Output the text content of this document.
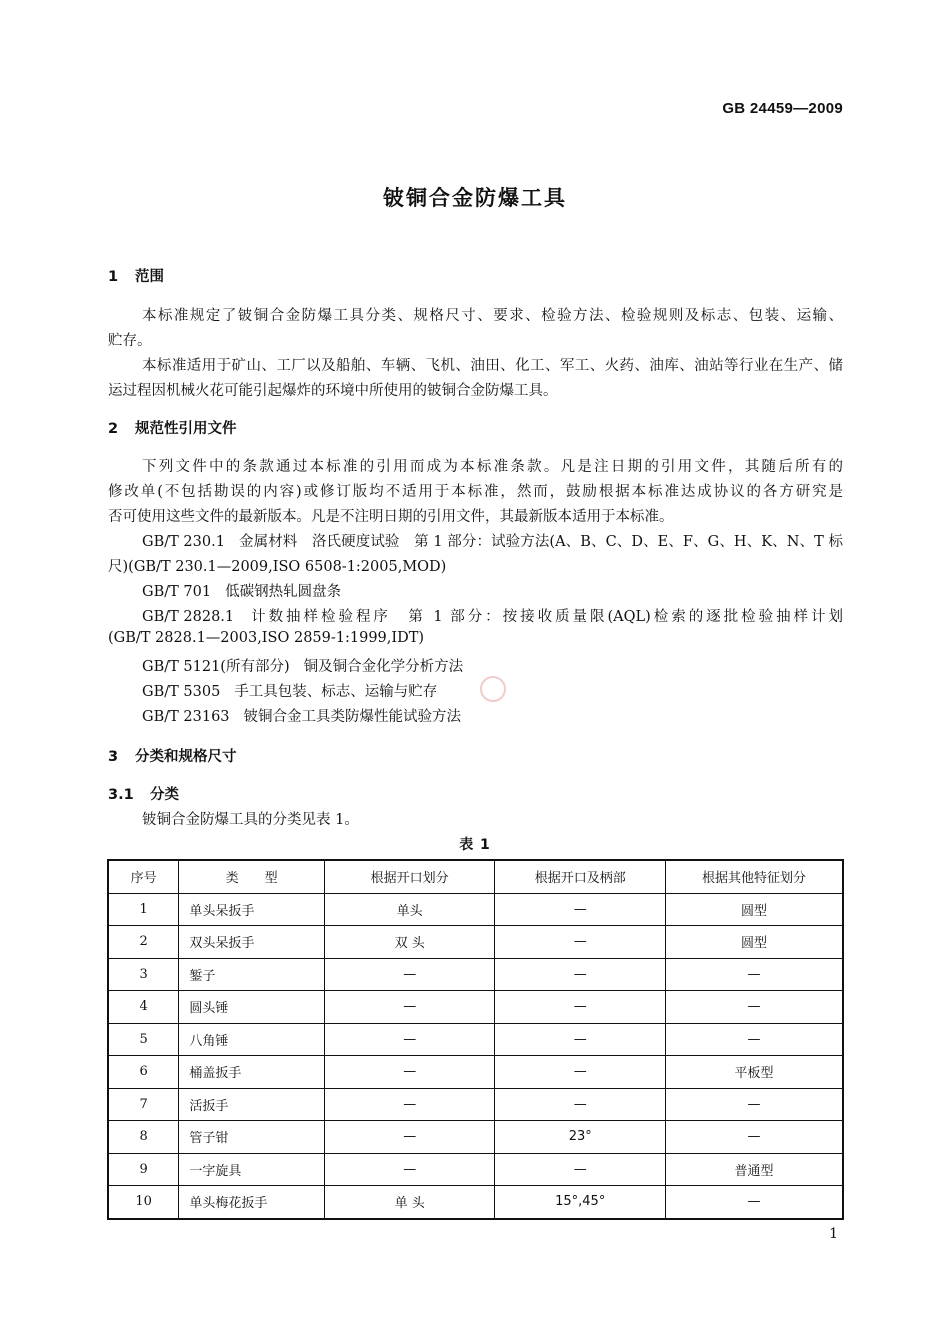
GB 24459—2009
铍铜合金防爆工具
1 范围
本标准规定了铍铜合金防爆工具分类、规格尺寸、要求、检验方法、检验规则及标志、包装、运输、
贮存。
本标准适用于矿山、工厂以及船舶、车辆、飞机、油田、化工、军工、火药、油库、油站等行业在生产、储
运过程因机械火花可能引起爆炸的环境中所使用的铍铜合金防爆工具。
2 规范性引用文件
下列文件中的条款通过本标准的引用而成为本标准条款。凡是注日期的引用文件，其随后所有的
修改单(不包括勘误的内容)或修订版均不适用于本标准，然而，鼓励根据本标准达成协议的各方研究是
否可使用这些文件的最新版本。凡是不注明日期的引用文件，其最新版本适用于本标准。
GB/T 230.1 金属材料　洛氏硬度试验　第 1 部分：试验方法(A、B、C、D、E、F、G、H、K、N、T 标
尺)(GB/T 230.1—2009,ISO 6508-1:2005,MOD)
GB/T 701 低碳钢热轧圆盘条
GB/T 2828.1 计数抽样检验程序　第 1 部分：按接收质量限(AQL)检索的逐批检验抽样计划
(GB/T 2828.1—2003,ISO 2859-1:1999,IDT)
GB/T 5121(所有部分) 铜及铜合金化学分析方法
GB/T 5305 手工具包装、标志、运输与贮存
GB/T 23163 铍铜合金工具类防爆性能试验方法
3 分类和规格尺寸
3.1 分类
铍铜合金防爆工具的分类见表 1。
表 1
序号	类　　型	根据开口划分	根据开口及柄部	根据其他特征划分
1	单头呆扳手	单头	—	圆型
2	双头呆扳手	双 头	—	圆型
3	錾子	—	—	—
4	圆头锤	—	—	—
5	八角锤	—	—	—
6	桶盖扳手	—	—	平板型
7	活扳手	—	—	—
8	管子钳	—	23°	—
9	一字旋具	—	—	普通型
10	单头梅花扳手	单 头	15°,45°	—
1
